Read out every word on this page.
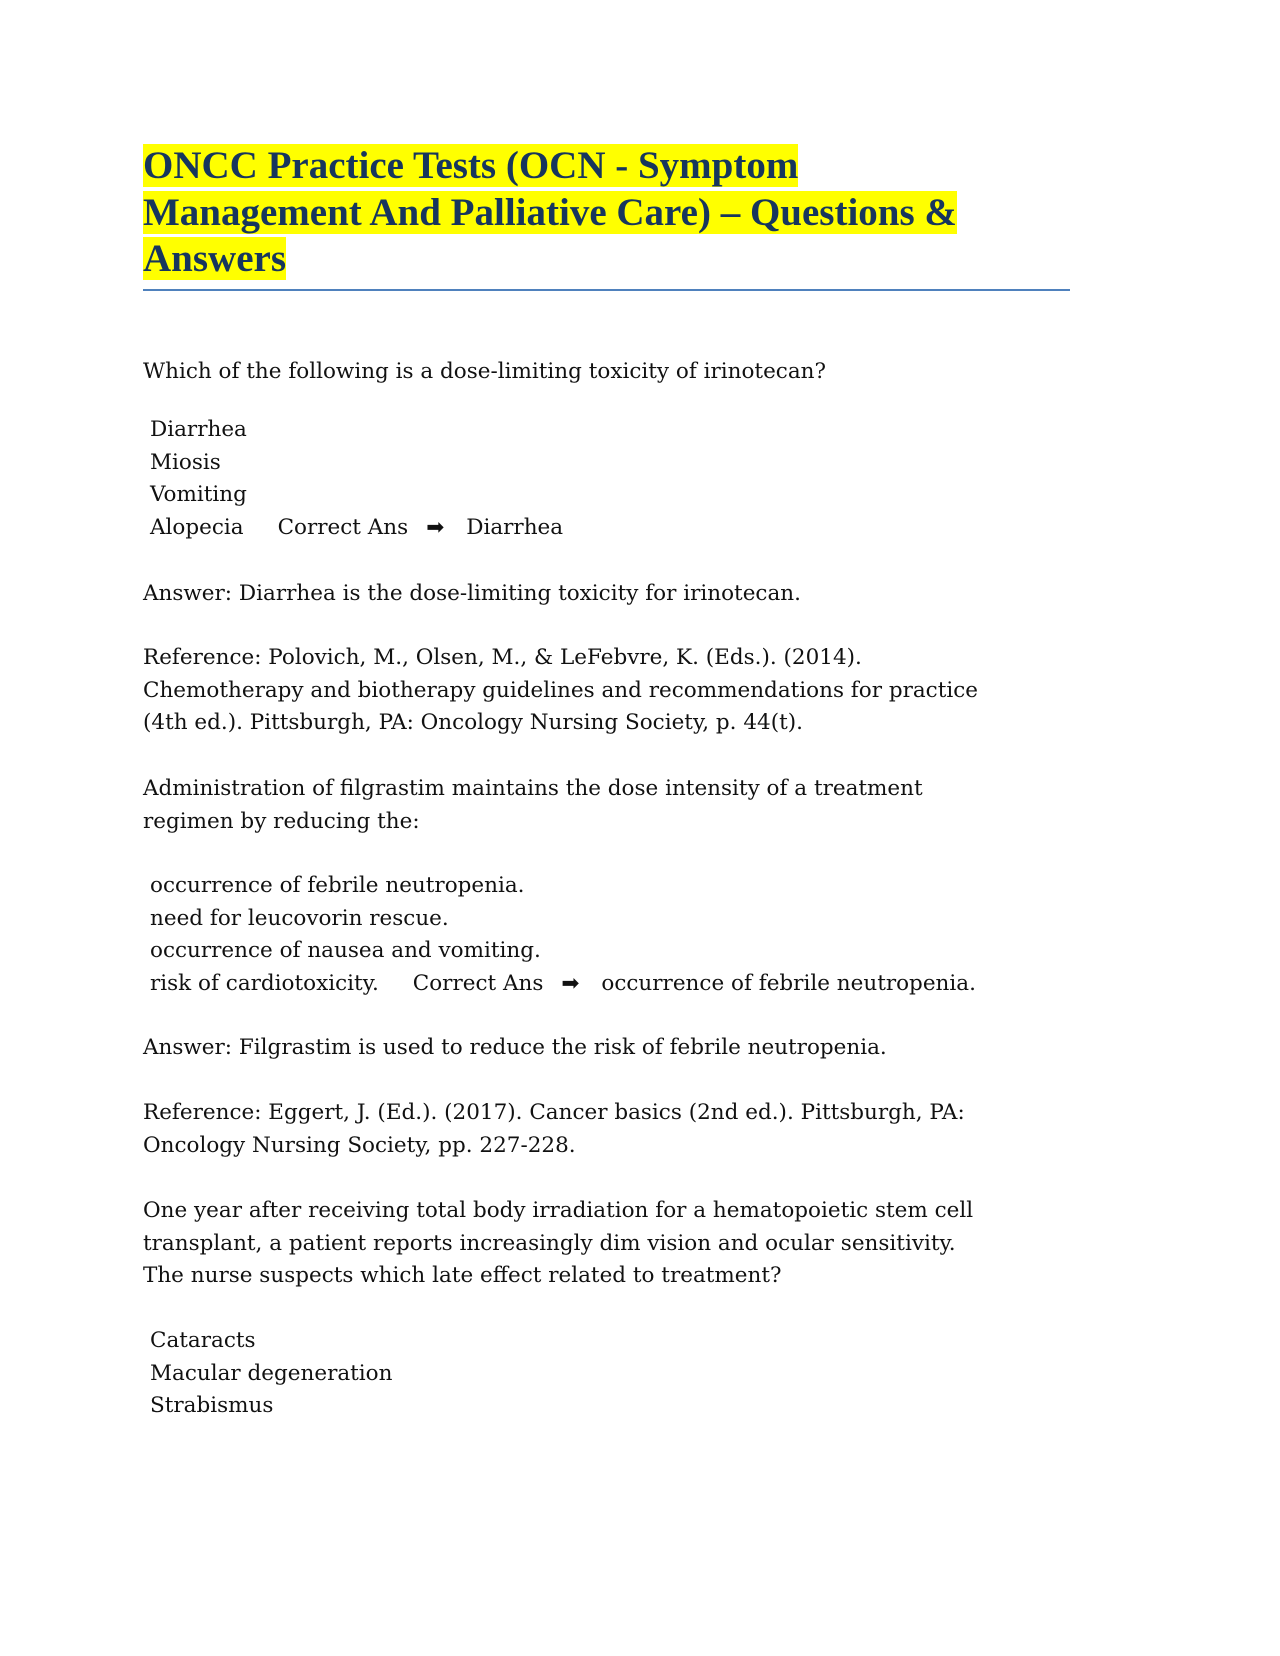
ONCC Practice Tests (OCN - Symptom
Management And Palliative Care) – Questions &
Answers
Which of the following is a dose-limiting toxicity of irinotecan?
Diarrhea
Miosis
Vomiting
Alopecia Correct Ans ➡ Diarrhea
Answer: Diarrhea is the dose-limiting toxicity for irinotecan.
Reference: Polovich, M., Olsen, M., & LeFebvre, K. (Eds.). (2014).
Chemotherapy and biotherapy guidelines and recommendations for practice
(4th ed.). Pittsburgh, PA: Oncology Nursing Society, p. 44(t).
Administration of filgrastim maintains the dose intensity of a treatment
regimen by reducing the:
occurrence of febrile neutropenia.
need for leucovorin rescue.
occurrence of nausea and vomiting.
risk of cardiotoxicity. Correct Ans ➡ occurrence of febrile neutropenia.
Answer: Filgrastim is used to reduce the risk of febrile neutropenia.
Reference: Eggert, J. (Ed.). (2017). Cancer basics (2nd ed.). Pittsburgh, PA:
Oncology Nursing Society, pp. 227-228.
One year after receiving total body irradiation for a hematopoietic stem cell
transplant, a patient reports increasingly dim vision and ocular sensitivity.
The nurse suspects which late effect related to treatment?
Cataracts
Macular degeneration
Strabismus
